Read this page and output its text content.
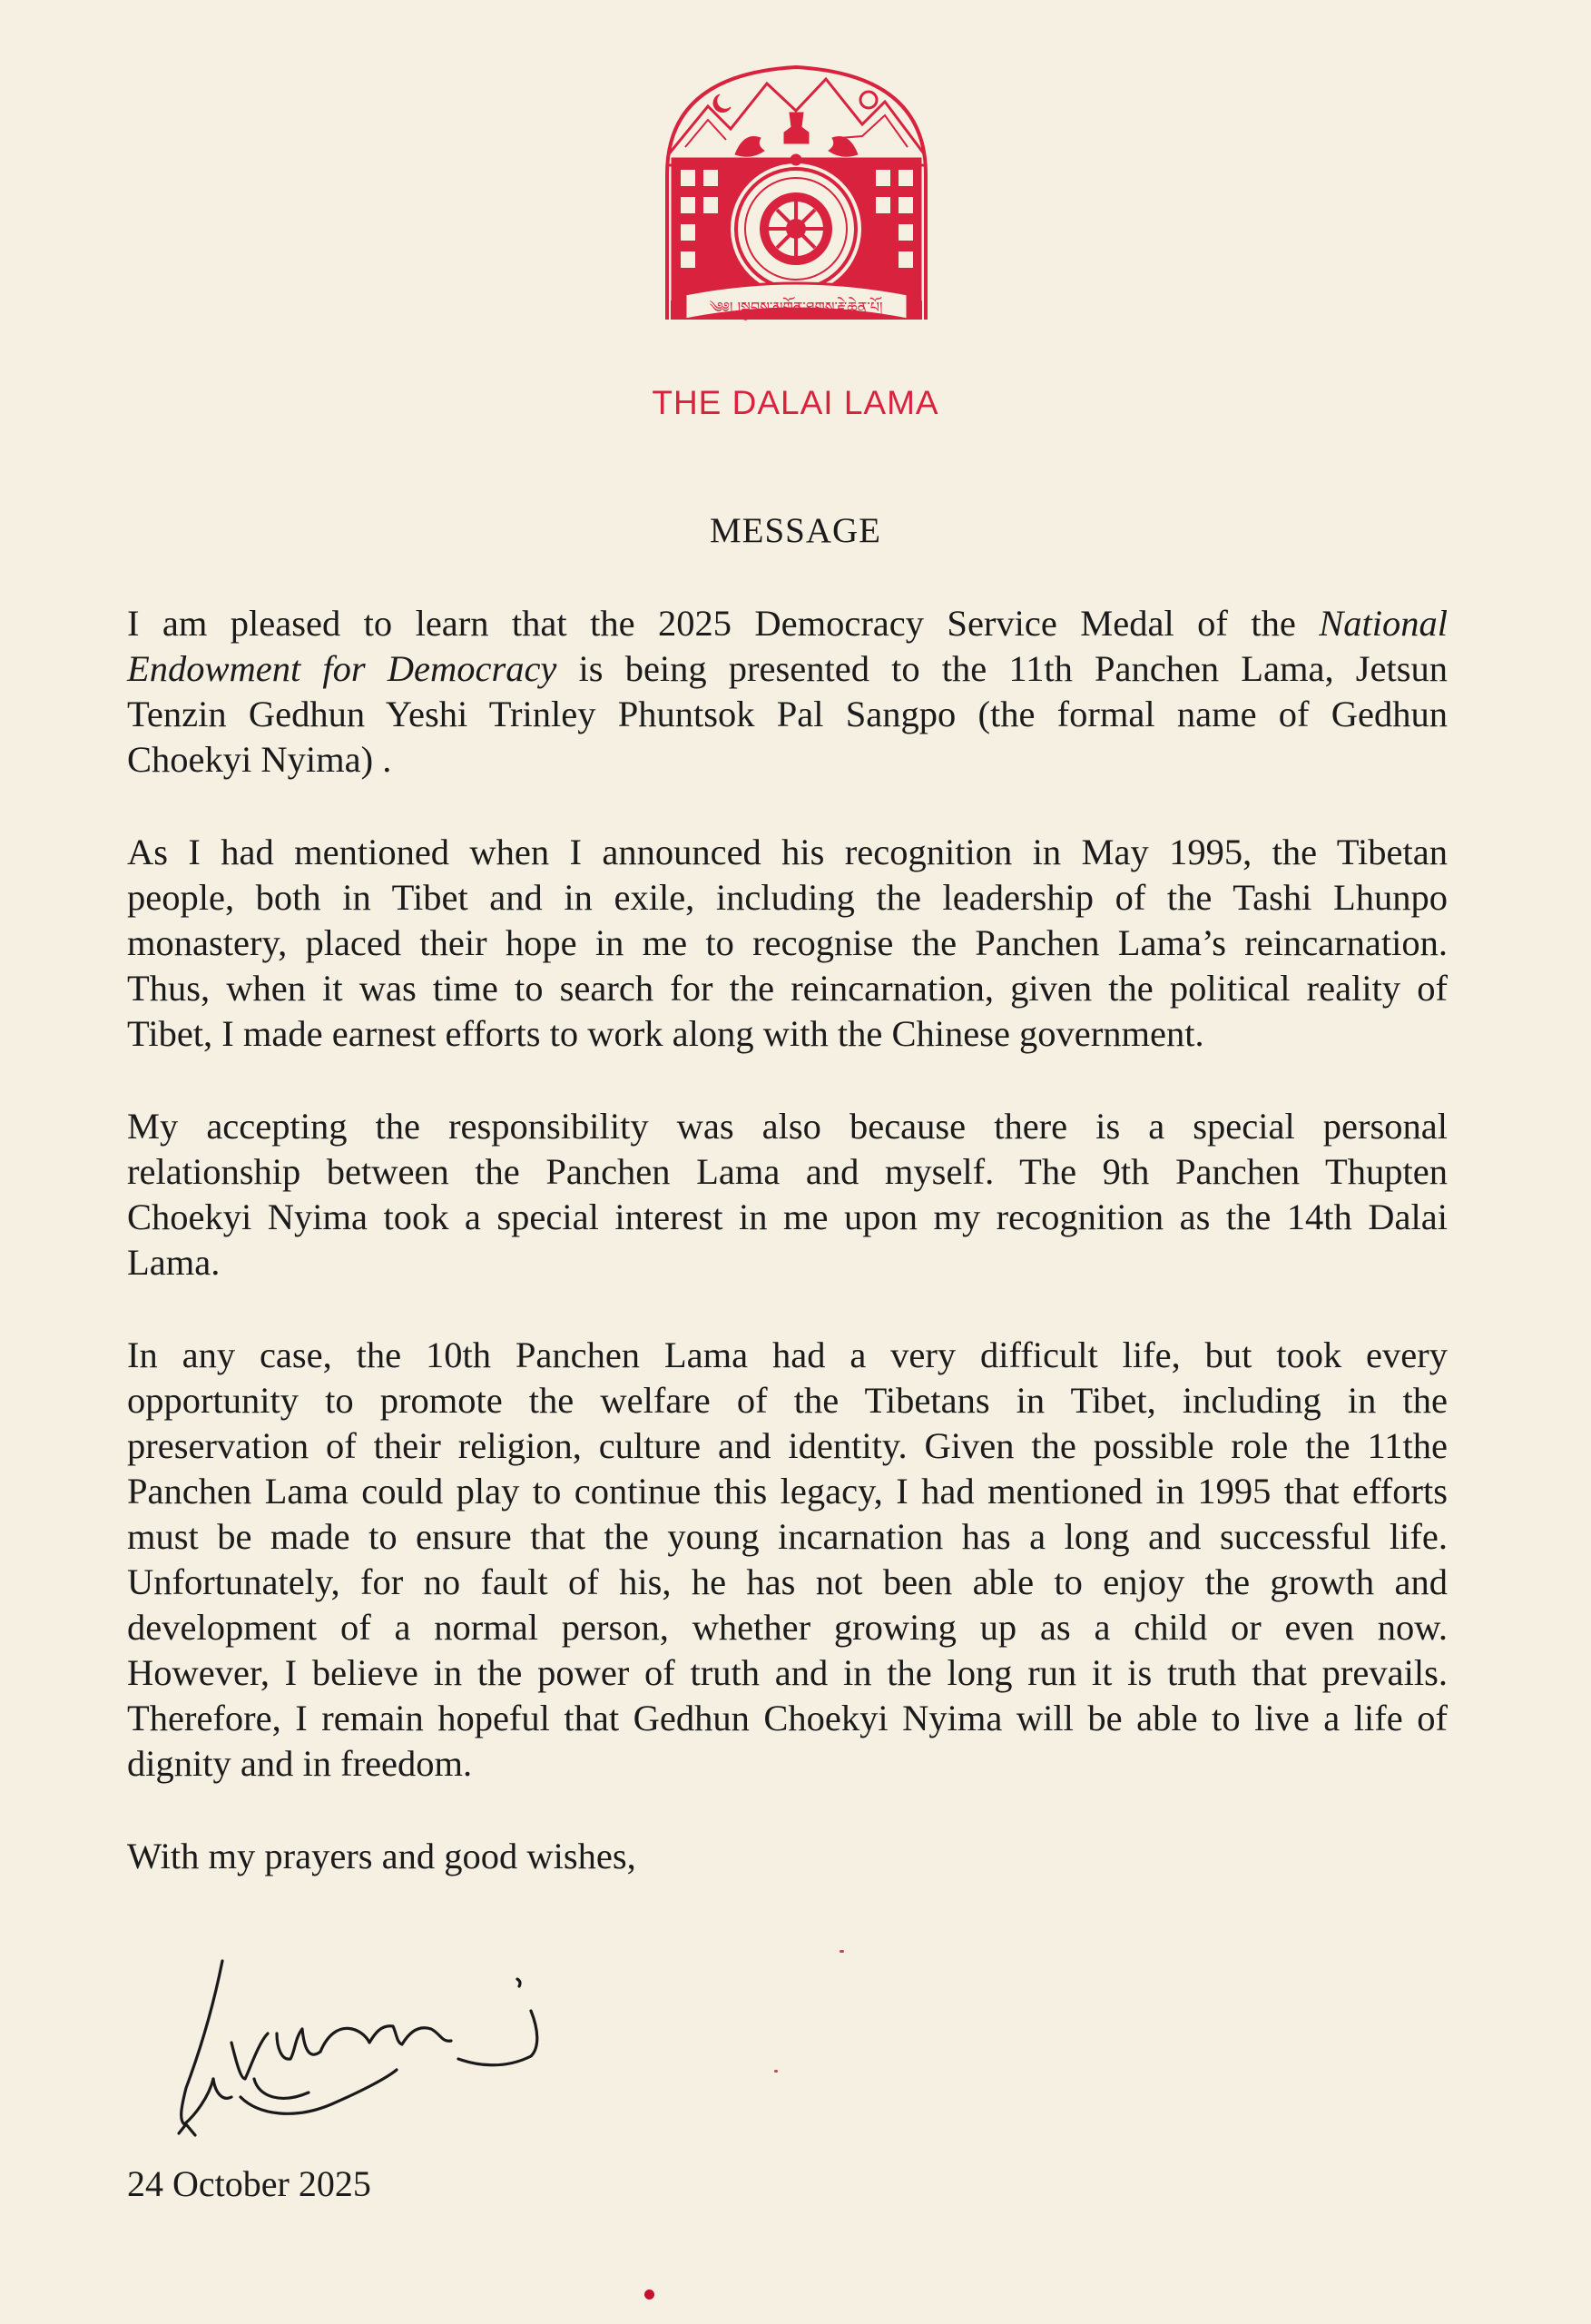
༄༅། །སྐྱབས་མགོན་ཐུགས་རྗེ་ཆེན་པོ།
THE DALAI LAMA
MESSAGE

I am pleased to learn that the 2025 Democracy Service Medal of the National
Endowment for Democracy is being presented to the 11th Panchen Lama, Jetsun
Tenzin Gedhun Yeshi Trinley Phuntsok Pal Sangpo (the formal name of Gedhun
Choekyi Nyima) .

As I had mentioned when I announced his recognition in May 1995, the Tibetan
people, both in Tibet and in exile, including the leadership of the Tashi Lhunpo
monastery, placed their hope in me to recognise the Panchen Lama’s reincarnation.
Thus, when it was time to search for the reincarnation, given the political reality of
Tibet, I made earnest efforts to work along with the Chinese government.

My accepting the responsibility was also because there is a special personal
relationship between the Panchen Lama and myself. The 9th Panchen Thupten
Choekyi Nyima took a special interest in me upon my recognition as the 14th Dalai
Lama.

In any case, the 10th Panchen Lama had a very difficult life, but took every
opportunity to promote the welfare of the Tibetans in Tibet, including in the
preservation of their religion, culture and identity. Given the possible role the 11the
Panchen Lama could play to continue this legacy, I had mentioned in 1995 that efforts
must be made to ensure that the young incarnation has a long and successful life.
Unfortunately, for no fault of his, he has not been able to enjoy the growth and
development of a normal person, whether growing up as a child or even now.
However, I believe in the power of truth and in the long run it is truth that prevails.
Therefore, I remain hopeful that Gedhun Choekyi Nyima will be able to live a life of
dignity and in freedom.

With my prayers and good wishes,

24 October 2025
